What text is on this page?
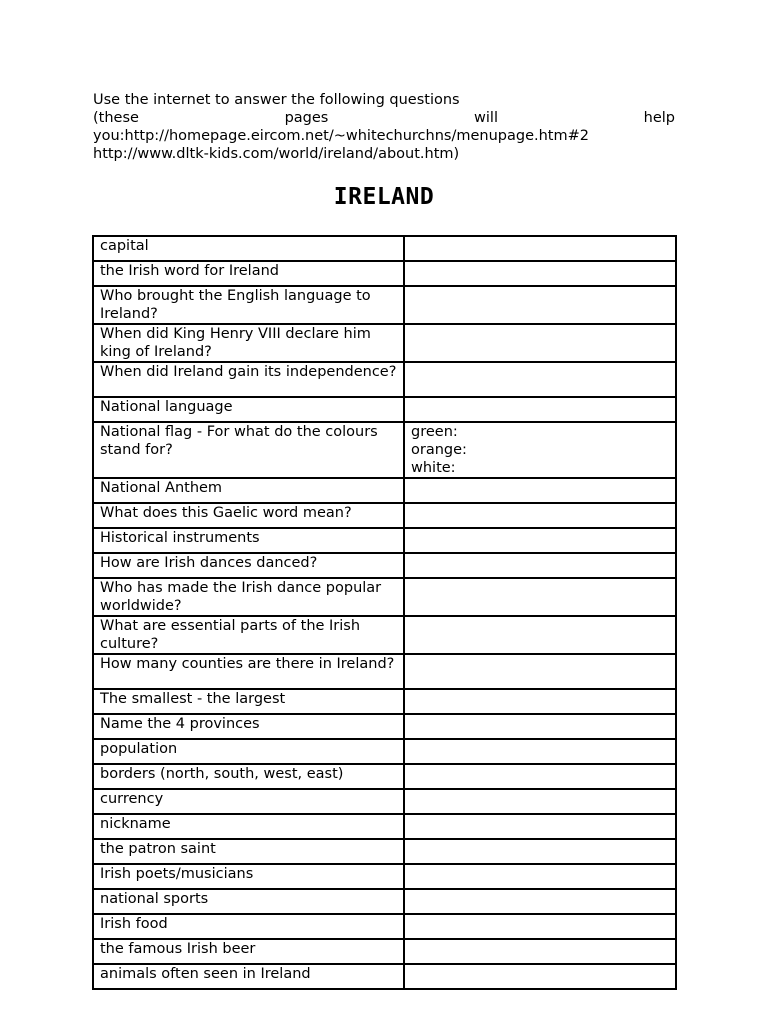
Use the internet to answer the following questions
(these	pages	will	help
you:http://homepage.eircom.net/~whitechurchns/menupage.htm#2
http://www.dltk-kids.com/world/ireland/about.htm)
IRELAND
capital	
the Irish word for Ireland	
Who brought the English language to Ireland?	
When did King Henry VIII declare him king of Ireland?	
When did Ireland gain its independence?	
National language	
National flag - For what do the colours stand for?	green:
orange:
white:

National Anthem	
What does this Gaelic word mean?	
Historical instruments	
How are Irish dances danced?	
Who has made the Irish dance popular worldwide?	
What are essential parts of the Irish culture?	
How many counties are there in Ireland?	
The smallest - the largest	
Name the 4 provinces	
population	
borders (north, south, west, east)	
currency	
nickname	
the patron saint	
Irish poets/musicians	
national sports	
Irish food	
the famous Irish beer	
animals often seen in Ireland	
